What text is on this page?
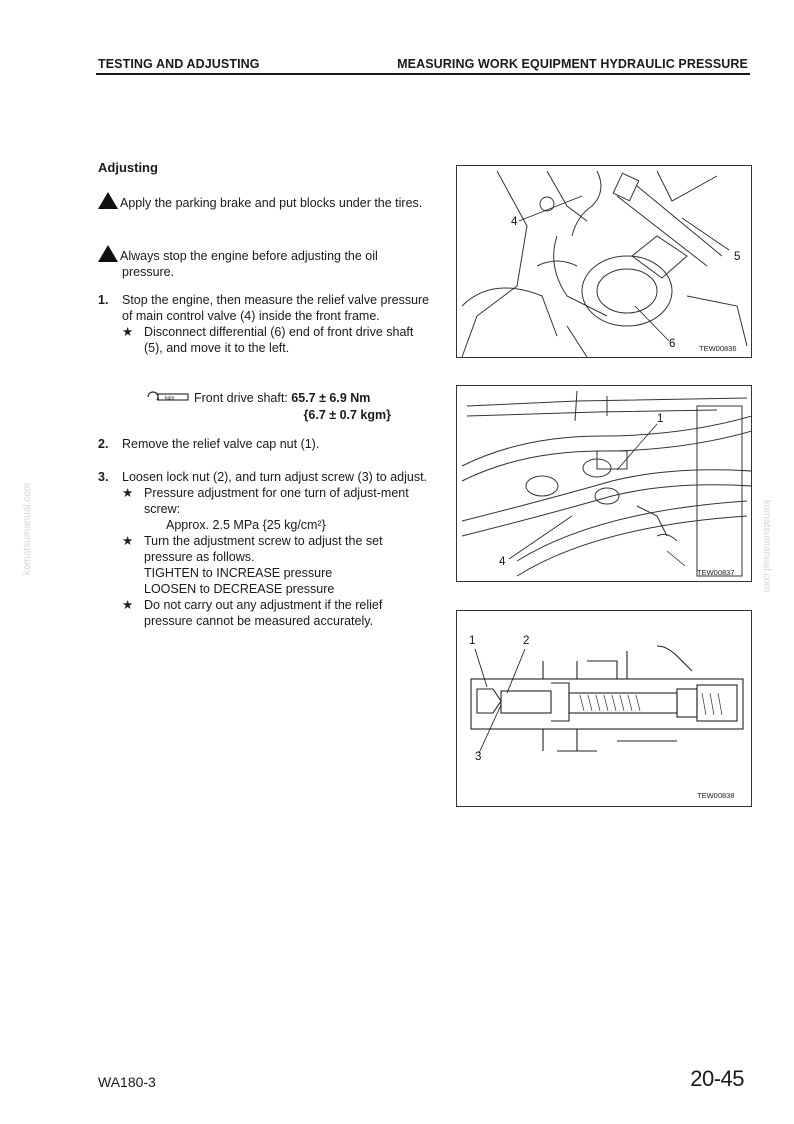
TESTING AND ADJUSTING	MEASURING WORK EQUIPMENT HYDRAULIC PRESSURE
komatsumanual.com	komatsumanual.com
Adjusting
!Apply the parking brake and put blocks under the tires.
!Always stop the engine before adjusting the oil pressure.
1. Stop the engine, then measure the relief valve pressure of main control valve (4) inside the front frame.
★ Disconnect differential (6) end of front drive shaft (5), and move it to the left.
kgm Front drive shaft: 65.7 ± 6.9 Nm
{6.7 ± 0.7 kgm}
2. Remove the relief valve cap nut (1).
3. Loosen lock nut (2), and turn adjust screw (3) to adjust.
★ Pressure adjustment for one turn of adjust-ment screw:
Approx. 2.5 MPa {25 kg/cm²}
★ Turn the adjustment screw to adjust the set pressure as follows.
TIGHTEN to INCREASE pressure
LOOSEN to DECREASE pressure
★ Do not carry out any adjustment if the relief pressure cannot be measured accurately.
4
5
6	TEW00836
1
4
TEW00837
1	2
3
TEW00838
WA180-3	20-45
